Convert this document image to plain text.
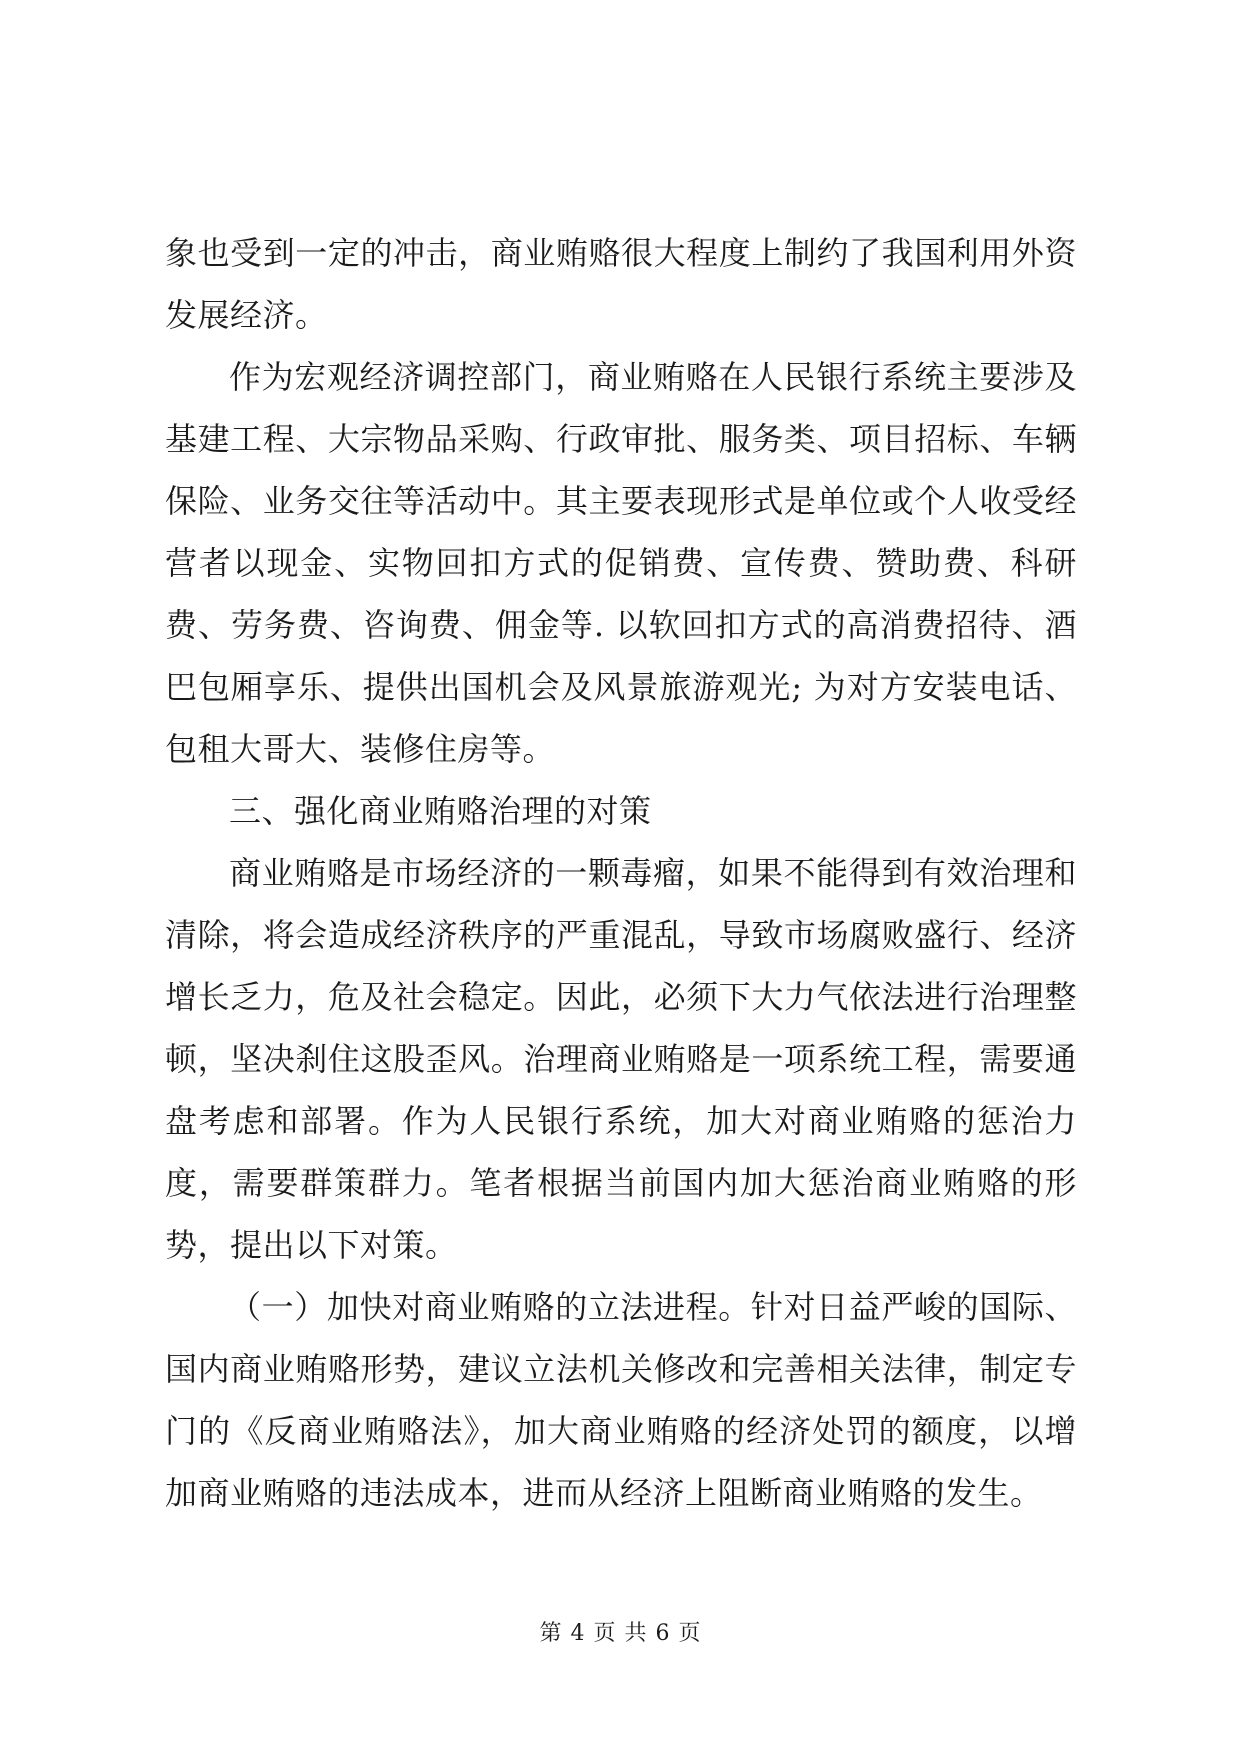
象也受到一定的冲击，商业贿赂很大程度上制约了我国利用外资发展经济。

作为宏观经济调控部门，商业贿赂在人民银行系统主要涉及基建工程、大宗物品采购、行政审批、服务类、项目招标、车辆保险、业务交往等活动中。其主要表现形式是单位或个人收受经营者以现金、实物回扣方式的促销费、宣传费、赞助费、科研费、劳务费、咨询费、佣金等. 以软回扣方式的高消费招待、酒巴包厢享乐、提供出国机会及风景旅游观光; 为对方安装电话、包租大哥大、装修住房等。

三、强化商业贿赂治理的对策

商业贿赂是市场经济的一颗毒瘤，如果不能得到有效治理和清除，将会造成经济秩序的严重混乱，导致市场腐败盛行、经济增长乏力，危及社会稳定。因此，必须下大力气依法进行治理整顿，坚决刹住这股歪风。治理商业贿赂是一项系统工程，需要通盘考虑和部署。作为人民银行系统，加大对商业贿赂的惩治力度，需要群策群力。笔者根据当前国内加大惩治商业贿赂的形势，提出以下对策。

（一）加快对商业贿赂的立法进程。针对日益严峻的国际、国内商业贿赂形势，建议立法机关修改和完善相关法律，制定专门的《反商业贿赂法》，加大商业贿赂的经济处罚的额度，以增加商业贿赂的违法成本，进而从经济上阻断商业贿赂的发生。

第 4 页 共 6 页
